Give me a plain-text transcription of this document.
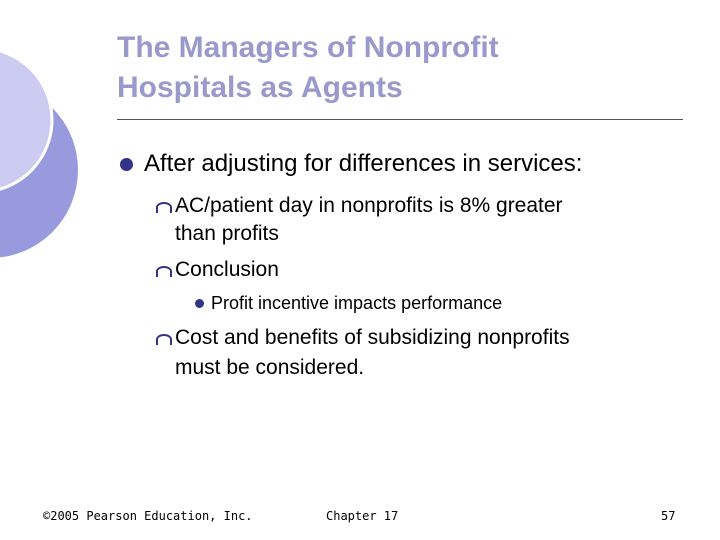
The Managers of Nonprofit
Hospitals as Agents
After adjusting for differences in services:
AC/patient day in nonprofits is 8% greater
than profits
Conclusion
Profit incentive impacts performance
Cost and benefits of subsidizing nonprofits
must be considered.
©2005 Pearson Education, Inc.	Chapter 17	57
